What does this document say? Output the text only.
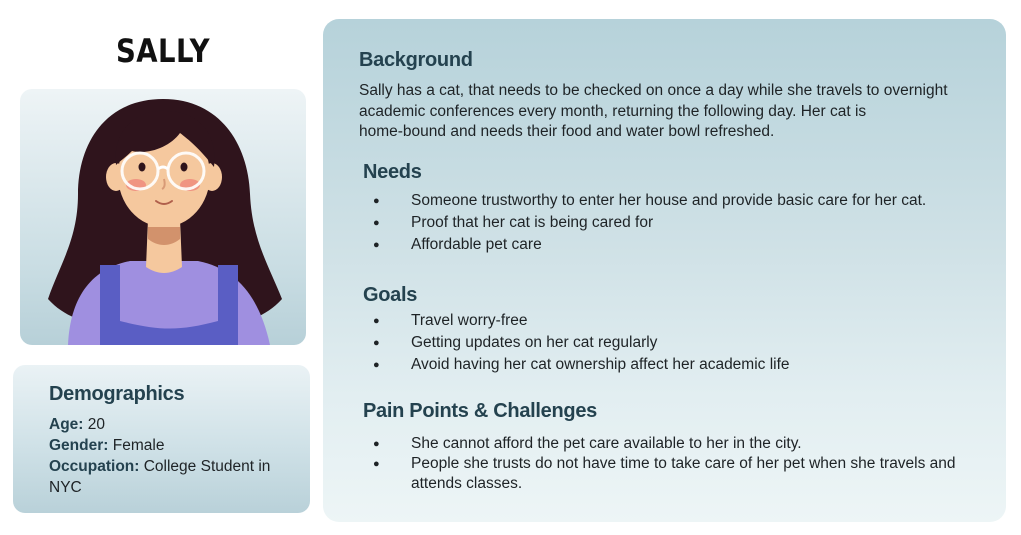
SALLY
Demographics
Age: 20
Gender: Female
Occupation: College Student in
NYC
Background
Sally has a cat, that needs to be checked on once a day while she travels to overnight
academic conferences every month, returning the following day. Her cat is
home-bound and needs their food and water bowl refreshed.
Needs
● Someone trustworthy to enter her house and provide basic care for her cat.
● Proof that her cat is being cared for
● Affordable pet care
Goals
● Travel worry-free
● Getting updates on her cat regularly
● Avoid having her cat ownership affect her academic life
Pain Points & Challenges
● She cannot afford the pet care available to her in the city.
● People she trusts do not have time to take care of her pet when she travels and
attends classes.
